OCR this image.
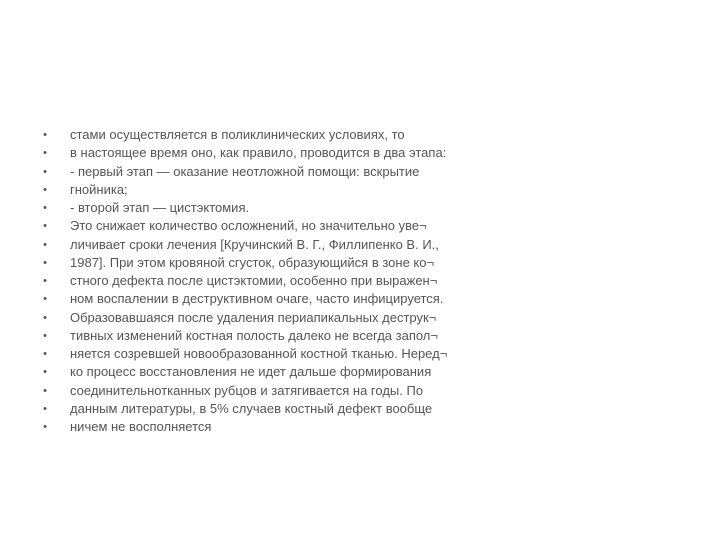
• стами осуществляется в поликлинических условиях, то
• в настоящее время оно, как правило, проводится в два этапа:
• - первый этап — оказание неотложной помощи: вскрытие
• гнойника;
• - второй этап — цистэктомия.
• Это снижает количество осложнений, но значительно уве¬
• личивает сроки лечения [Кручинский В. Г., Филлипенко В. И.,
• 1987]. При этом кровяной сгусток, образующийся в зоне ко¬
• стного дефекта после цистэктомии, особенно при выражен¬
• ном воспалении в деструктивном очаге, часто инфицируется.
• Образовавшаяся после удаления периапикальных деструк¬
• тивных изменений костная полость далеко не всегда запол¬
• няется созревшей новообразованной костной тканью. Неред¬
• ко процесс восстановления не идет дальше формирования
• соединительнотканных рубцов и затягивается на годы. По
• данным литературы, в 5% случаев костный дефект вообще
• ничем не восполняется
